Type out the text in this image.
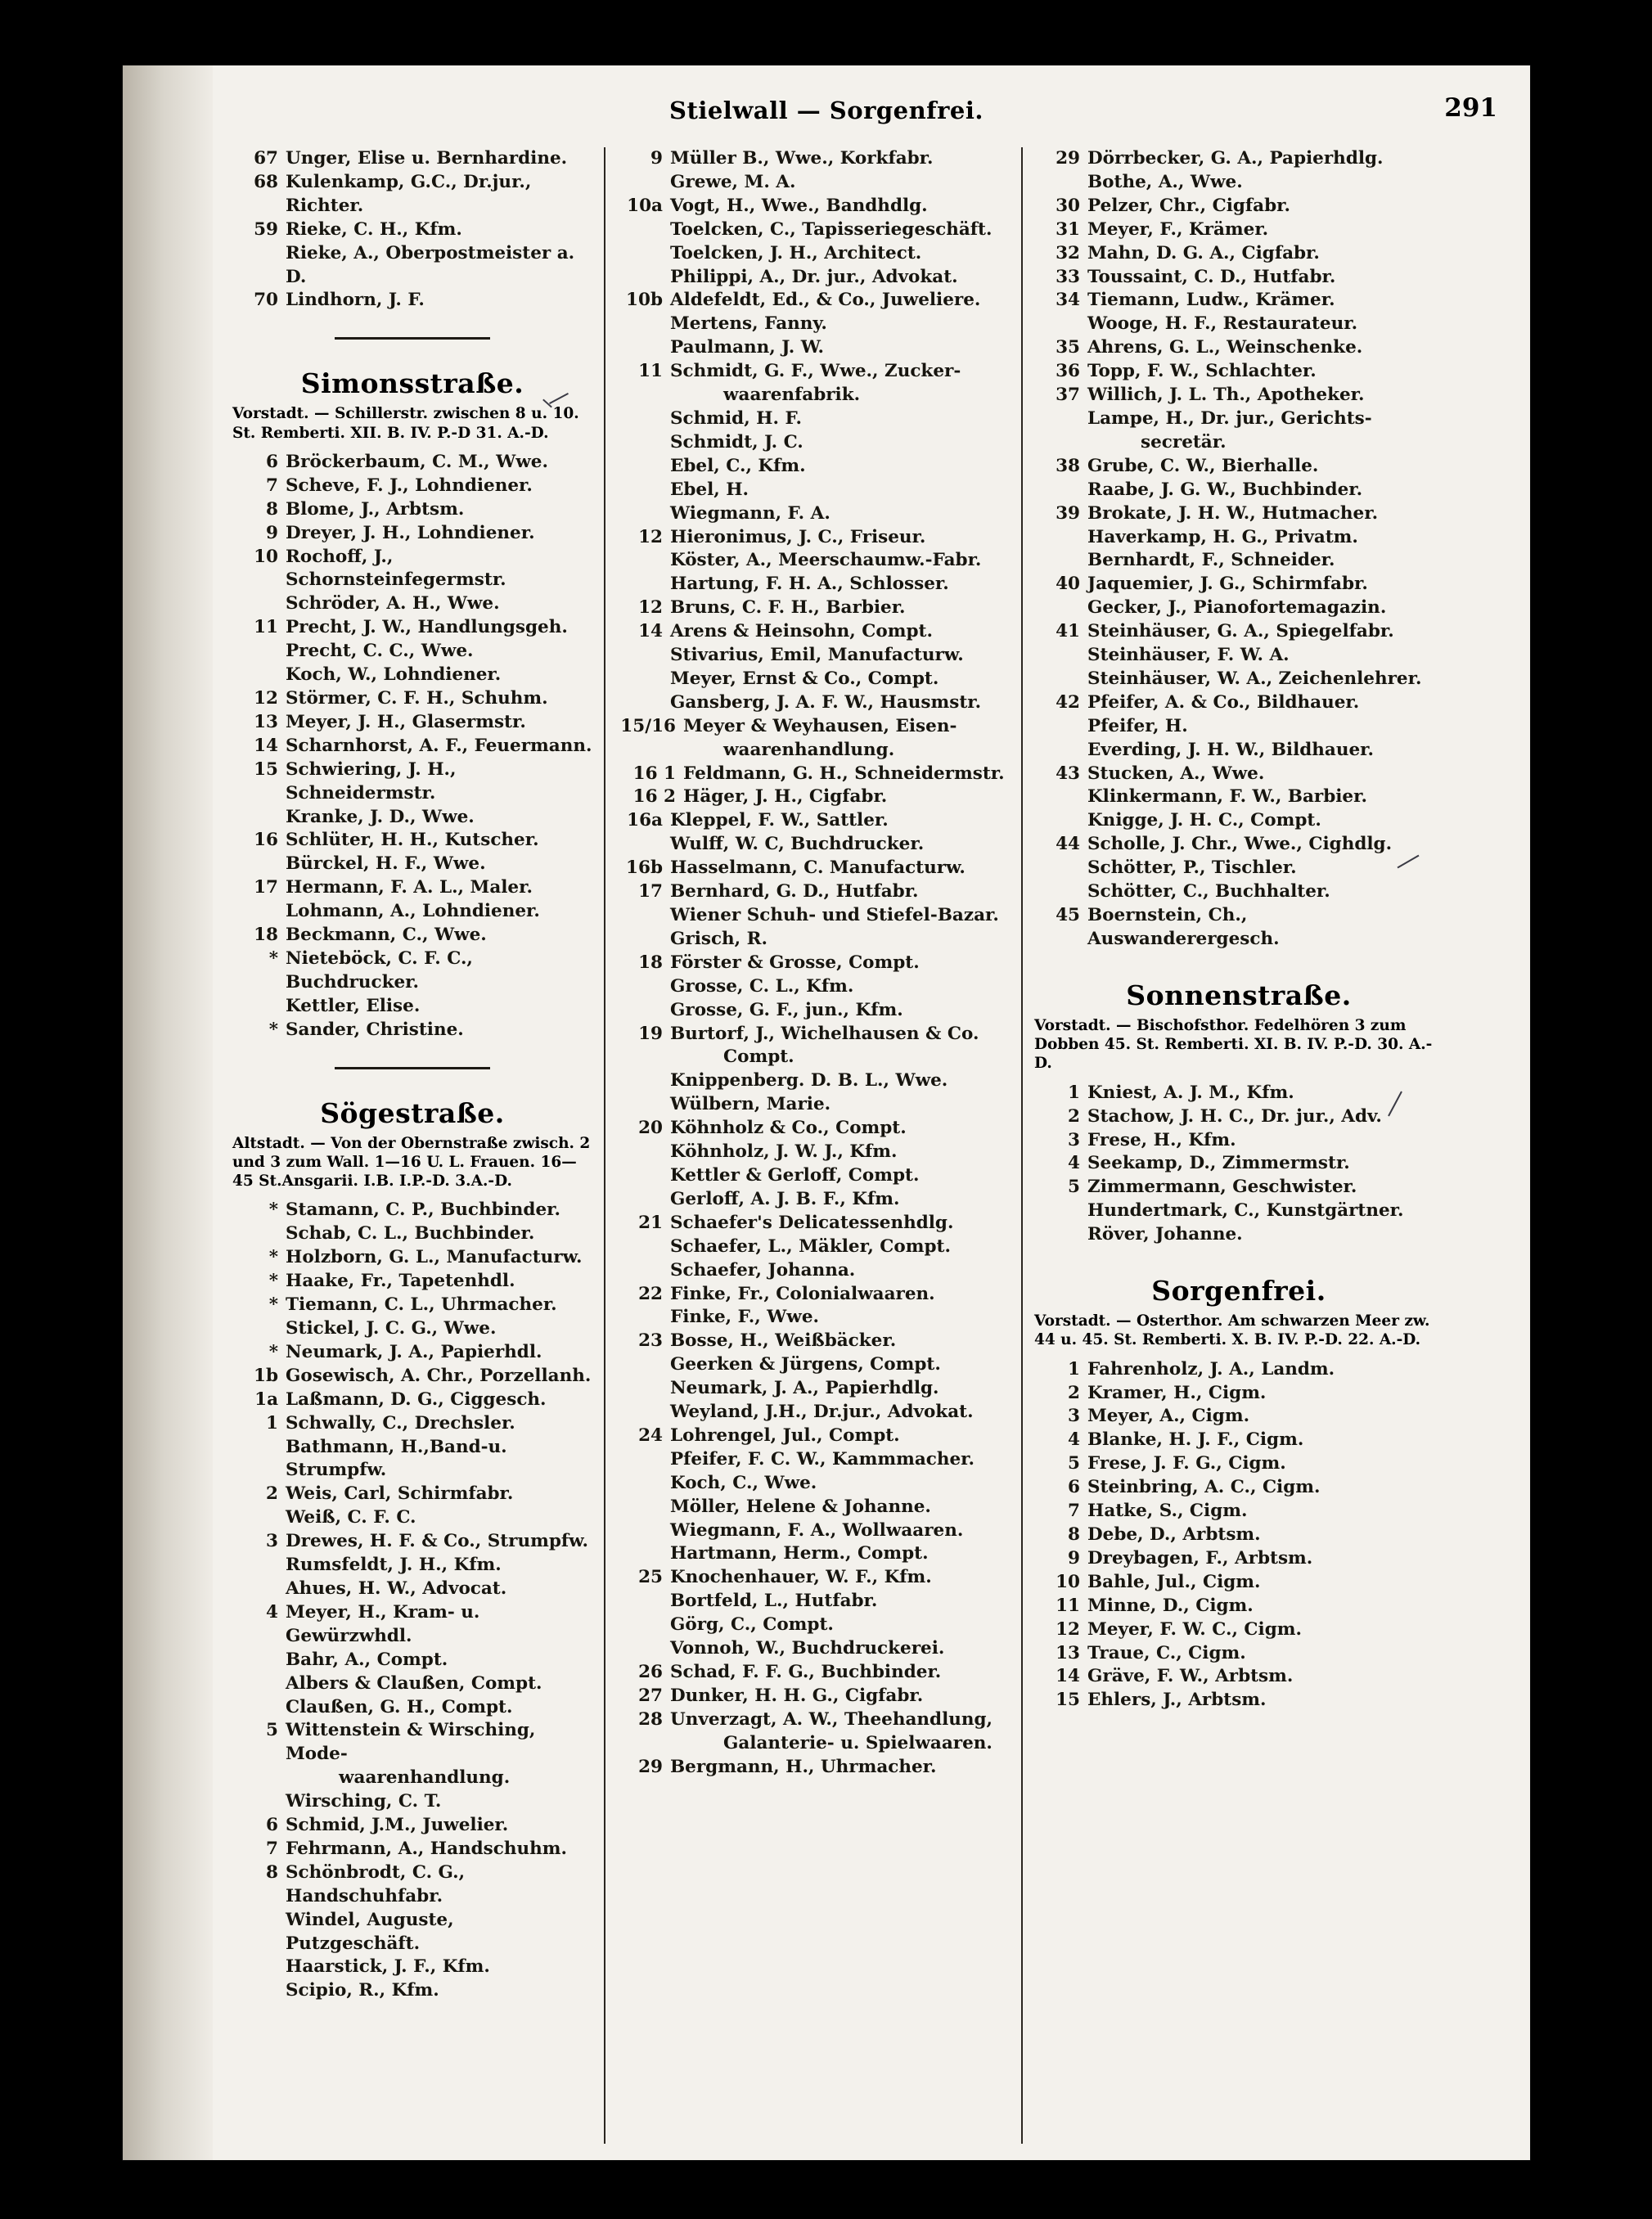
Stielwall — Sorgenfrei.	291
67 Unger, Elise u. Bernhardine.
68 Kulenkamp, G.C., Dr.jur., Richter.
59 Rieke, C. H., Kfm.
Rieke, A., Oberpostmeister a. D.
70 Lindhorn, J. F.
Simonsstraße.
Vorstadt. — Schillerstr. zwischen 8 u. 10. St. Remberti. XII. B. IV. P.-D 31. A.-D.
6 Bröckerbaum, C. M., Wwe.
7 Scheve, F. J., Lohndiener.
8 Blome, J., Arbtsm.
9 Dreyer, J. H., Lohndiener.
10 Rochoff, J., Schornsteinfegermstr.
Schröder, A. H., Wwe.
11 Precht, J. W., Handlungsgeh.
Precht, C. C., Wwe.
Koch, W., Lohndiener.
12 Störmer, C. F. H., Schuhm.
13 Meyer, J. H., Glasermstr.
14 Scharnhorst, A. F., Feuermann.
15 Schwiering, J. H., Schneidermstr.
Kranke, J. D., Wwe.
16 Schlüter, H. H., Kutscher.
Bürckel, H. F., Wwe.
17 Hermann, F. A. L., Maler.
Lohmann, A., Lohndiener.
18 Beckmann, C., Wwe.
* Nieteböck, C. F. C., Buchdrucker.
Kettler, Elise.
* Sander, Christine.
Sögestraße.
Altstadt. — Von der Obernstraße zwisch. 2 und 3 zum Wall. 1—16 U. L. Frauen. 16—45 St.Ansgarii. I.B. I.P.-D. 3.A.-D.
* Stamann, C. P., Buchbinder.
Schab, C. L., Buchbinder.
* Holzborn, G. L., Manufacturw.
* Haake, Fr., Tapetenhdl.
* Tiemann, C. L., Uhrmacher.
Stickel, J. C. G., Wwe.
* Neumark, J. A., Papierhdl.
1b Gosewisch, A. Chr., Porzellanh.
1a Laßmann, D. G., Ciggesch.
1 Schwally, C., Drechsler.
Bathmann, H.,Band-u. Strumpfw.
2 Weis, Carl, Schirmfabr.
Weiß, C. F. C.
3 Drewes, H. F. & Co., Strumpfw.
Rumsfeldt, J. H., Kfm.
Ahues, H. W., Advocat.
4 Meyer, H., Kram- u. Gewürzwhdl.
Bahr, A., Compt.
Albers & Claußen, Compt.
Claußen, G. H., Compt.
5 Wittenstein & Wirsching, Mode-
waarenhandlung.
Wirsching, C. T.
6 Schmid, J.M., Juwelier.
7 Fehrmann, A., Handschuhm.
8 Schönbrodt, C. G., Handschuhfabr.
Windel, Auguste, Putzgeschäft.
Haarstick, J. F., Kfm.
Scipio, R., Kfm.
9 Müller B., Wwe., Korkfabr.
Grewe, M. A.
10a Vogt, H., Wwe., Bandhdlg.
Toelcken, C., Tapisseriegeschäft.
Toelcken, J. H., Architect.
Philippi, A., Dr. jur., Advokat.
10b Aldefeldt, Ed., & Co., Juweliere.
Mertens, Fanny.
Paulmann, J. W.
11 Schmidt, G. F., Wwe., Zucker-
waarenfabrik.
Schmid, H. F.
Schmidt, J. C.
Ebel, C., Kfm.
Ebel, H.
Wiegmann, F. A.
12 Hieronimus, J. C., Friseur.
Köster, A., Meerschaumw.-Fabr.
Hartung, F. H. A., Schlosser.
12 Bruns, C. F. H., Barbier.
14 Arens & Heinsohn, Compt.
Stivarius, Emil, Manufacturw.
Meyer, Ernst & Co., Compt.
Gansberg, J. A. F. W., Hausmstr.
15/16 Meyer & Weyhausen, Eisen-
waarenhandlung.
16 1 Feldmann, G. H., Schneidermstr.
16 2 Häger, J. H., Cigfabr.
16a Kleppel, F. W., Sattler.
Wulff, W. C, Buchdrucker.
16b Hasselmann, C. Manufacturw.
17 Bernhard, G. D., Hutfabr.
Wiener Schuh- und Stiefel-Bazar.
Grisch, R.
18 Förster & Grosse, Compt.
Grosse, C. L., Kfm.
Grosse, G. F., jun., Kfm.
19 Burtorf, J., Wichelhausen & Co.
Compt.
Knippenberg. D. B. L., Wwe.
Wülbern, Marie.
20 Köhnholz & Co., Compt.
Köhnholz, J. W. J., Kfm.
Kettler & Gerloff, Compt.
Gerloff, A. J. B. F., Kfm.
21 Schaefer's Delicatessenhdlg.
Schaefer, L., Mäkler, Compt.
Schaefer, Johanna.
22 Finke, Fr., Colonialwaaren.
Finke, F., Wwe.
23 Bosse, H., Weißbäcker.
Geerken & Jürgens, Compt.
Neumark, J. A., Papierhdlg.
Weyland, J.H., Dr.jur., Advokat.
24 Lohrengel, Jul., Compt.
Pfeifer, F. C. W., Kammmacher.
Koch, C., Wwe.
Möller, Helene & Johanne.
Wiegmann, F. A., Wollwaaren.
Hartmann, Herm., Compt.
25 Knochenhauer, W. F., Kfm.
Bortfeld, L., Hutfabr.
Görg, C., Compt.
Vonnoh, W., Buchdruckerei.
26 Schad, F. F. G., Buchbinder.
27 Dunker, H. H. G., Cigfabr.
28 Unverzagt, A. W., Theehandlung,
Galanterie- u. Spielwaaren.
29 Bergmann, H., Uhrmacher.
29 Dörrbecker, G. A., Papierhdlg.
Bothe, A., Wwe.
30 Pelzer, Chr., Cigfabr.
31 Meyer, F., Krämer.
32 Mahn, D. G. A., Cigfabr.
33 Toussaint, C. D., Hutfabr.
34 Tiemann, Ludw., Krämer.
Wooge, H. F., Restaurateur.
35 Ahrens, G. L., Weinschenke.
36 Topp, F. W., Schlachter.
37 Willich, J. L. Th., Apotheker.
Lampe, H., Dr. jur., Gerichts-
secretär.
38 Grube, C. W., Bierhalle.
Raabe, J. G. W., Buchbinder.
39 Brokate, J. H. W., Hutmacher.
Haverkamp, H. G., Privatm.
Bernhardt, F., Schneider.
40 Jaquemier, J. G., Schirmfabr.
Gecker, J., Pianofortemagazin.
41 Steinhäuser, G. A., Spiegelfabr.
Steinhäuser, F. W. A.
Steinhäuser, W. A., Zeichenlehrer.
42 Pfeifer, A. & Co., Bildhauer.
Pfeifer, H.
Everding, J. H. W., Bildhauer.
43 Stucken, A., Wwe.
Klinkermann, F. W., Barbier.
Knigge, J. H. C., Compt.
44 Scholle, J. Chr., Wwe., Cighdlg.
Schötter, P., Tischler.
Schötter, C., Buchhalter.
45 Boernstein, Ch., Auswanderergesch.
Sonnenstraße.
Vorstadt. — Bischofsthor. Fedelhören 3 zum Dobben 45. St. Remberti. XI. B. IV. P.-D. 30. A.-D.
1 Kniest, A. J. M., Kfm.
2 Stachow, J. H. C., Dr. jur., Adv.
3 Frese, H., Kfm.
4 Seekamp, D., Zimmermstr.
5 Zimmermann, Geschwister.
Hundertmark, C., Kunstgärtner.
Röver, Johanne.
Sorgenfrei.
Vorstadt. — Osterthor. Am schwarzen Meer zw. 44 u. 45. St. Remberti. X. B. IV. P.-D. 22. A.-D.
1 Fahrenholz, J. A., Landm.
2 Kramer, H., Cigm.
3 Meyer, A., Cigm.
4 Blanke, H. J. F., Cigm.
5 Frese, J. F. G., Cigm.
6 Steinbring, A. C., Cigm.
7 Hatke, S., Cigm.
8 Debe, D., Arbtsm.
9 Dreybagen, F., Arbtsm.
10 Bahle, Jul., Cigm.
11 Minne, D., Cigm.
12 Meyer, F. W. C., Cigm.
13 Traue, C., Cigm.
14 Gräve, F. W., Arbtsm.
15 Ehlers, J., Arbtsm.
